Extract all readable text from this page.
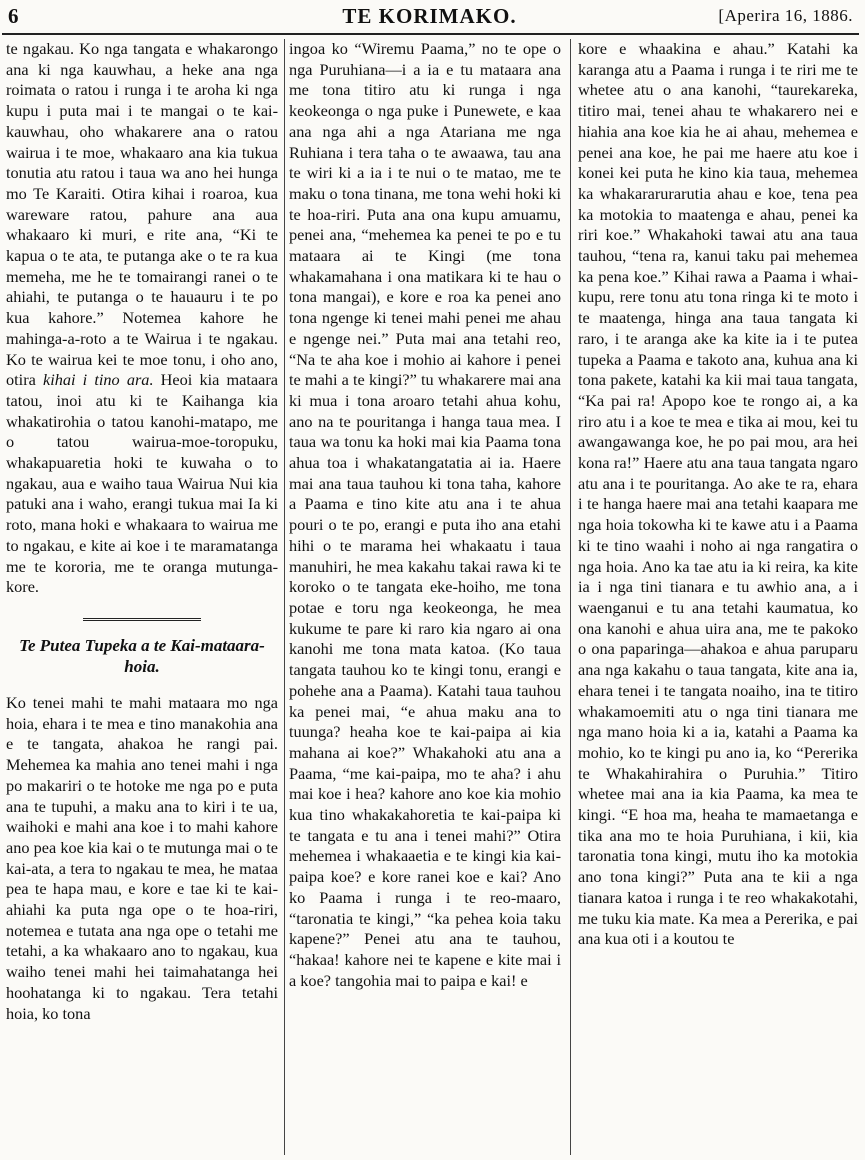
6	TE KORIMAKO.	[Aperira 16, 1886.

te ngakau. Ko nga tangata e whakarongo ana ki nga kauwhau, a heke ana nga roimata o ratou i runga i te aroha ki nga kupu i puta mai i te mangai o te kai-kauwhau, oho whakarere ana o ratou wairua i te moe, whakaaro ana kia tukua tonutia atu ratou i taua wa ano hei hunga mo Te Karaiti. Otira kihai i roaroa, kua wareware ratou, pahure ana aua whakaaro ki muri, e rite ana, “Ki te kapua o te ata, te putanga ake o te ra kua memeha, me he te tomairangi ranei o te ahiahi, te putanga o te hauauru i te po kua kahore.” Notemea kahore he mahinga-a-roto a te Wairua i te ngakau. Ko te wairua kei te moe tonu, i oho ano, otira kihai i tino ara. Heoi kia mataara tatou, inoi atu ki te Kaihanga kia whakatirohia o tatou kanohi-matapo, me o tatou wairua-moe-toropuku, whakapuaretia hoki te kuwaha o to ngakau, aua e waiho taua Wairua Nui kia patuki ana i waho, erangi tukua mai Ia ki roto, mana hoki e whakaara to wairua me to ngakau, e kite ai koe i te maramatanga me te kororia, me te oranga mutunga-kore.

Te Putea Tupeka a te Kai-mataara-hoia.

Ko tenei mahi te mahi mataara mo nga hoia, ehara i te mea e tino manakohia ana e te tangata, ahakoa he rangi pai. Mehemea ka mahia ano tenei mahi i nga po makariri o te hotoke me nga po e puta ana te tupuhi, a maku ana to kiri i te ua, waihoki e mahi ana koe i to mahi kahore ano pea koe kia kai o te mutunga mai o te kai-ata, a tera to ngakau te mea, he mataa pea te hapa mau, e kore e tae ki te kai-ahiahi ka puta nga ope o te hoa-riri, notemea e tutata ana nga ope o tetahi me tetahi, a ka whakaaro ano to ngakau, kua waiho tenei mahi hei taimahatanga hei hoohatanga ki to ngakau. Tera tetahi hoia, ko tona

ingoa ko “Wiremu Paama,” no te ope o nga Puruhiana—i a ia e tu mataara ana me tona titiro atu ki runga i nga keokeonga o nga puke i Punewete, e kaa ana nga ahi a nga Atariana me nga Ruhiana i tera taha o te awaawa, tau ana te wiri ki a ia i te nui o te matao, me te maku o tona tinana, me tona wehi hoki ki te hoa-riri. Puta ana ona kupu amuamu, penei ana, “mehemea ka penei te po e tu mataara ai te Kingi (me tona whakamahana i ona matikara ki te hau o tona mangai), e kore e roa ka penei ano tona ngenge ki tenei mahi penei me ahau e ngenge nei.” Puta mai ana tetahi reo, “Na te aha koe i mohio ai kahore i penei te mahi a te kingi?” tu whakarere mai ana ki mua i tona aroaro tetahi ahua kohu, ano na te pouritanga i hanga taua mea. I taua wa tonu ka hoki mai kia Paama tona ahua toa i whakatangatatia ai ia. Haere mai ana taua tauhou ki tona taha, kahore a Paama e tino kite atu ana i te ahua pouri o te po, erangi e puta iho ana etahi hihi o te marama hei whakaatu i taua manuhiri, he mea kakahu takai rawa ki te koroko o te tangata eke-hoiho, me tona potae e toru nga keokeonga, he mea kukume te pare ki raro kia ngaro ai ona kanohi me tona mata katoa. (Ko taua tangata tauhou ko te kingi tonu, erangi e pohehe ana a Paama). Katahi taua tauhou ka penei mai, “e ahua maku ana to tuunga? heaha koe te kai-paipa ai kia mahana ai koe?” Whakahoki atu ana a Paama, “me kai-paipa, mo te aha? i ahu mai koe i hea? kahore ano koe kia mohio kua tino whakakahoretia te kai-paipa ki te tangata e tu ana i tenei mahi?” Otira mehemea i whakaaetia e te kingi kia kai-paipa koe? e kore ranei koe e kai? Ano ko Paama i runga i te reo-maaro, “taronatia te kingi,” “ka pehea koia taku kapene?” Penei atu ana te tauhou, “hakaa! kahore nei te kapene e kite mai i a koe? tangohia mai to paipa e kai! e

kore e whaakina e ahau.” Katahi ka karanga atu a Paama i runga i te riri me te whetee atu o ana kanohi, “taurekareka, titiro mai, tenei ahau te whakarero nei e hiahia ana koe kia he ai ahau, mehemea e penei ana koe, he pai me haere atu koe i konei kei puta he kino kia taua, mehemea ka whakararurarutia ahau e koe, tena pea ka motokia to maatenga e ahau, penei ka riri koe.” Whakahoki tawai atu ana taua tauhou, “tena ra, kanui taku pai mehemea ka pena koe.” Kihai rawa a Paama i whai-kupu, rere tonu atu tona ringa ki te moto i te maatenga, hinga ana taua tangata ki raro, i te aranga ake ka kite ia i te putea tupeka a Paama e takoto ana, kuhua ana ki tona pakete, katahi ka kii mai taua tangata, “Ka pai ra! Apopo koe te rongo ai, a ka riro atu i a koe te mea e tika ai mou, kei tu awangawanga koe, he po pai mou, ara hei kona ra!” Haere atu ana taua tangata ngaro atu ana i te pouritanga. Ao ake te ra, ehara i te hanga haere mai ana tetahi kaapara me nga hoia tokowha ki te kawe atu i a Paama ki te tino waahi i noho ai nga rangatira o nga hoia. Ano ka tae atu ia ki reira, ka kite ia i nga tini tianara e tu awhio ana, a i waenganui e tu ana tetahi kaumatua, ko ona kanohi e ahua uira ana, me te pakoko o ona paparinga—ahakoa e ahua paruparu ana nga kakahu o taua tangata, kite ana ia, ehara tenei i te tangata noaiho, ina te titiro whakamoemiti atu o nga tini tianara me nga mano hoia ki a ia, katahi a Paama ka mohio, ko te kingi pu ano ia, ko “Pererika te Whakahirahira o Puruhia.” Titiro whetee mai ana ia kia Paama, ka mea te kingi. “E hoa ma, heaha te mamaetanga e tika ana mo te hoia Puruhiana, i kii, kia taronatia tona kingi, mutu iho ka motokia ano tona kingi?” Puta ana te kii a nga tianara katoa i runga i te reo whakakotahi, me tuku kia mate. Ka mea a Pererika, e pai ana kua oti i a koutou te
